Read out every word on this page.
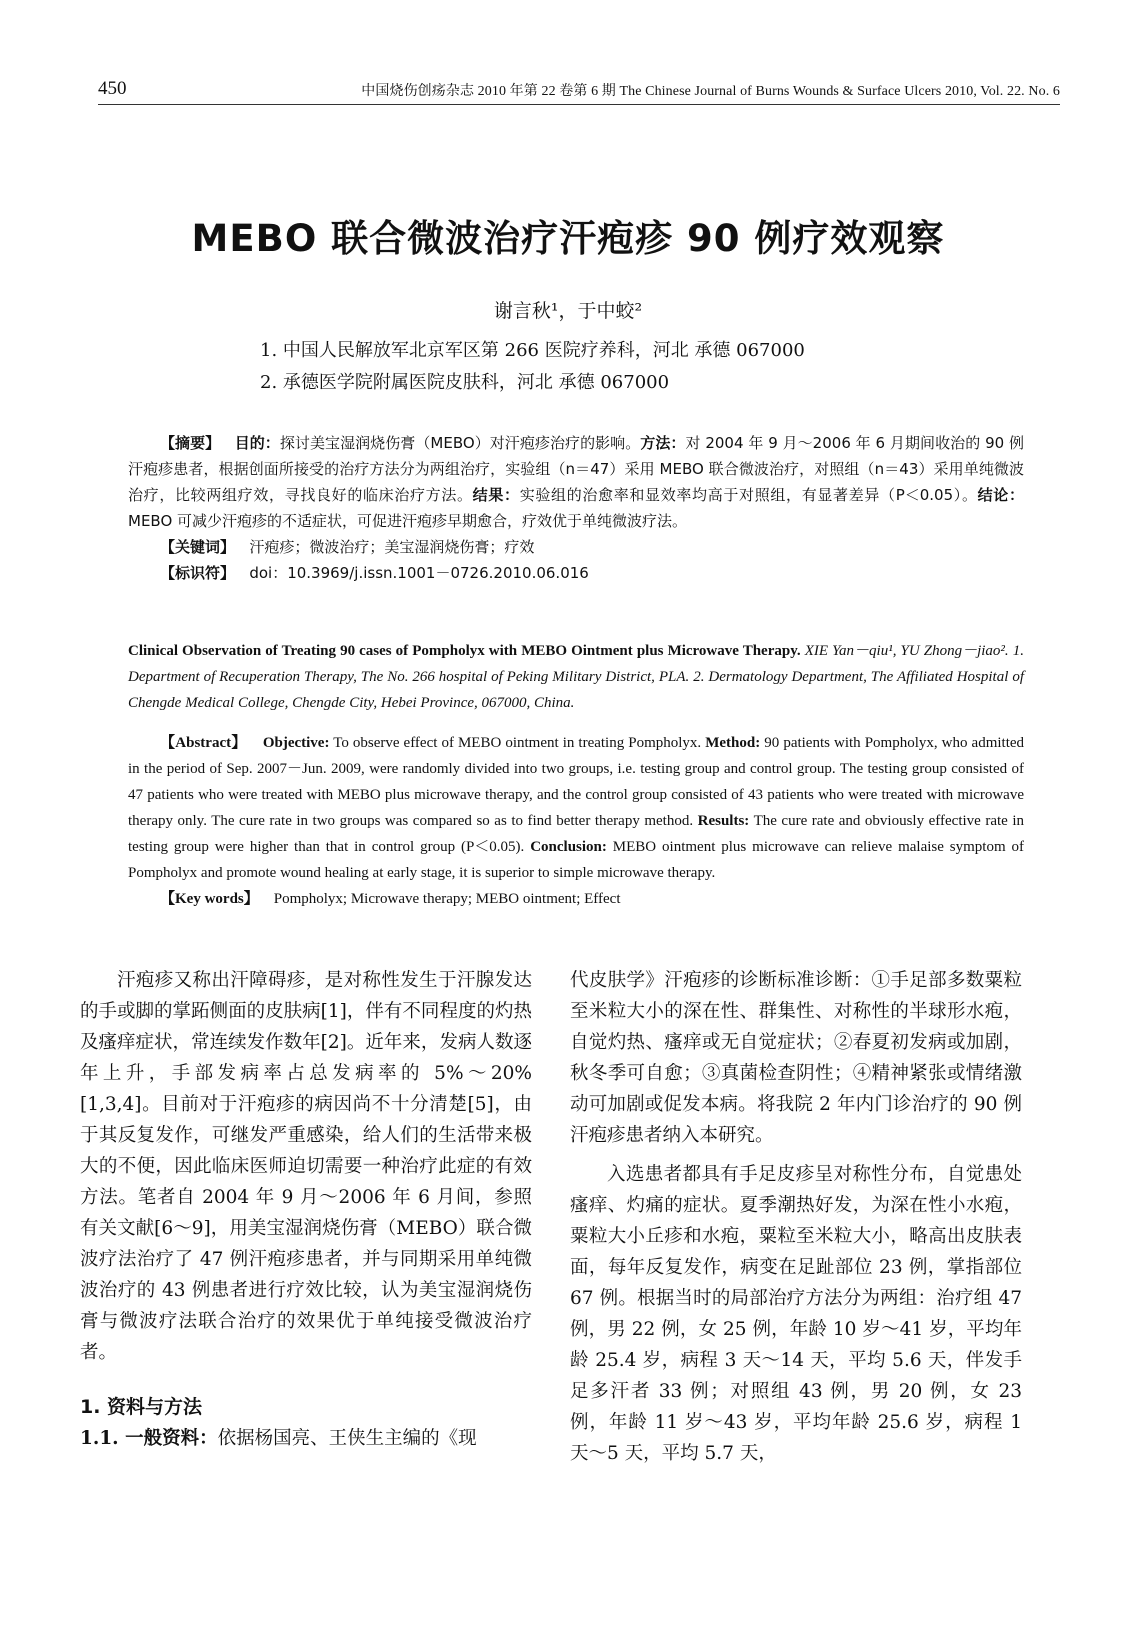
450	中国烧伤创疡杂志 2010 年第 22 卷第 6 期 The Chinese Journal of Burns Wounds & Surface Ulcers 2010, Vol. 22. No. 6
MEBO 联合微波治疗汗疱疹 90 例疗效观察
谢言秋¹，于中蛟²
1. 中国人民解放军北京军区第 266 医院疗养科，河北 承德 067000
2. 承德医学院附属医院皮肤科，河北 承德 067000

【摘要】 目的：探讨美宝湿润烧伤膏（MEBO）对汗疱疹治疗的影响。方法：对 2004 年 9 月～2006 年 6 月期间收治的 90 例汗疱疹患者，根据创面所接受的治疗方法分为两组治疗，实验组（n＝47）采用 MEBO 联合微波治疗，对照组（n＝43）采用单纯微波治疗，比较两组疗效，寻找良好的临床治疗方法。结果：实验组的治愈率和显效率均高于对照组，有显著差异（P＜0.05）。结论：MEBO 可减少汗疱疹的不适症状，可促进汗疱疹早期愈合，疗效优于单纯微波疗法。

【关键词】 汗疱疹；微波治疗；美宝湿润烧伤膏；疗效

【标识符】 doi：10.3969/j.issn.1001－0726.2010.06.016

Clinical Observation of Treating 90 cases of Pompholyx with MEBO Ointment plus Microwave Therapy. XIE Yan－qiu¹, YU Zhong－jiao². 1. Department of Recuperation Therapy, The No. 266 hospital of Peking Military District, PLA. 2. Dermatology Department, The Affiliated Hospital of Chengde Medical College, Chengde City, Hebei Province, 067000, China.

【Abstract】 Objective: To observe effect of MEBO ointment in treating Pompholyx. Method: 90 patients with Pompholyx, who admitted in the period of Sep. 2007－Jun. 2009, were randomly divided into two groups, i.e. testing group and control group. The testing group consisted of 47 patients who were treated with MEBO plus microwave therapy, and the control group consisted of 43 patients who were treated with microwave therapy only. The cure rate in two groups was compared so as to find better therapy method. Results: The cure rate and obviously effective rate in testing group were higher than that in control group (P＜0.05). Conclusion: MEBO ointment plus microwave can relieve malaise symptom of Pompholyx and promote wound healing at early stage, it is superior to simple microwave therapy.

【Key words】 Pompholyx; Microwave therapy; MEBO ointment; Effect

汗疱疹又称出汗障碍疹，是对称性发生于汗腺发达的手或脚的掌跖侧面的皮肤病[1]，伴有不同程度的灼热及瘙痒症状，常连续发作数年[2]。近年来，发病人数逐年上升，手部发病率占总发病率的 5%～20%[1,3,4]。目前对于汗疱疹的病因尚不十分清楚[5]，由于其反复发作，可继发严重感染，给人们的生活带来极大的不便，因此临床医师迫切需要一种治疗此症的有效方法。笔者自 2004 年 9 月～2006 年 6 月间，参照有关文献[6～9]，用美宝湿润烧伤膏（MEBO）联合微波疗法治疗了 47 例汗疱疹患者，并与同期采用单纯微波治疗的 43 例患者进行疗效比较，认为美宝湿润烧伤膏与微波疗法联合治疗的效果优于单纯接受微波治疗者。

1. 资料与方法

1.1. 一般资料：依据杨国亮、王侠生主编的《现

代皮肤学》汗疱疹的诊断标准诊断：①手足部多数粟粒至米粒大小的深在性、群集性、对称性的半球形水疱，自觉灼热、瘙痒或无自觉症状；②春夏初发病或加剧，秋冬季可自愈；③真菌检查阴性；④精神紧张或情绪激动可加剧或促发本病。将我院 2 年内门诊治疗的 90 例汗疱疹患者纳入本研究。

入选患者都具有手足皮疹呈对称性分布，自觉患处瘙痒、灼痛的症状。夏季潮热好发，为深在性小水疱，粟粒大小丘疹和水疱，粟粒至米粒大小，略高出皮肤表面，每年反复发作，病变在足趾部位 23 例，掌指部位 67 例。根据当时的局部治疗方法分为两组：治疗组 47 例，男 22 例，女 25 例，年龄 10 岁～41 岁，平均年龄 25.4 岁，病程 3 天～14 天，平均 5.6 天，伴发手足多汗者 33 例；对照组 43 例，男 20 例，女 23 例，年龄 11 岁～43 岁，平均年龄 25.6 岁，病程 1 天～5 天，平均 5.7 天，
